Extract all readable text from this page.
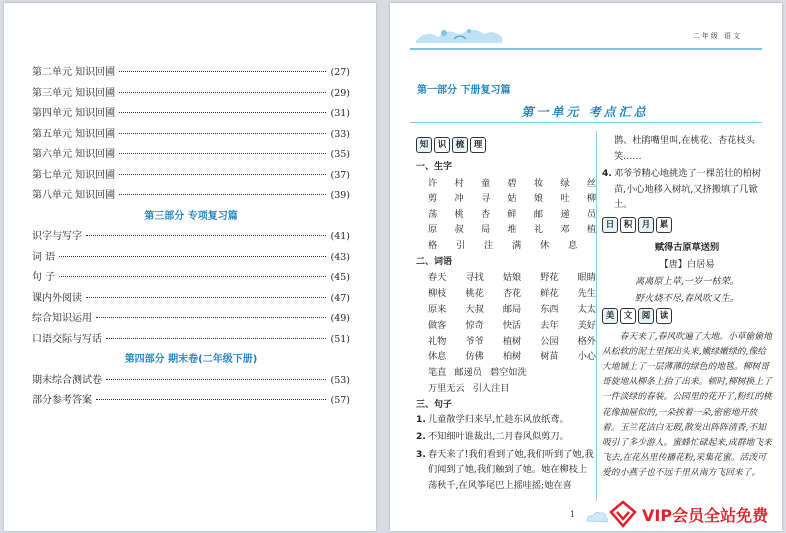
第二单元 知识回圃	(27)
第三单元 知识回圃	(29)
第四单元 知识回圃	(31)
第五单元 知识回圃	(33)
第六单元 知识回圃	(35)
第七单元 知识回圃	(37)
第八单元 知识回圃	(39)
第三部分 专项复习篇
识字与写字	(41)
词 语	(43)
句 子	(45)
课内外阅读	(47)
综合知识运用	(49)
口语交际与写话	(51)
第四部分 期末卷(二年级下册)
期末综合测试卷	(53)
部分参考答案	(57)
二年级 语文
第一部分 下册复习篇
第一单元 考点汇总
知	识	梳	理
一、生字
许 村 童 碧 妆 绿 丝
剪 冲 寻 姑 娘 吐 柳
荡 桃 杏 鲜 邮 递 员
原 叔 局 堆 礼 邓 植
格 引 注 满 休 息
二、词语
春天 寻找 姑娘 野花 眼睛
柳枝 桃花 杏花 鲜花 先生
原来 大叔 邮局 东西 太太
做客 惊奇 快活 去年 美好
礼物 爷爷 植树 公园 格外
休息 仿佛 柏树 树苗 小心
笔直 邮递员 碧空如洗
万里无云 引人注目
三、句子
1. 儿童散学归来早,忙趁东风放纸鸢。
2. 不知细叶谁裁出,二月春风似剪刀。
3. 春天来了!我们看到了她,我们听到了她,我们闻到了她,我们触到了她。她在柳枝上荡秋千,在风筝尾巴上摇哇摇;她在喜
鹊、杜鹃嘴里叫,在桃花、杏花枝头笑……
4. 邓爷爷精心地挑选了一棵茁壮的柏树苗,小心地移入树坑,又挤搬填了几锨土。
日	积	月	累
赋得古原草送别
【唐】白居易
离离原上草,一岁一枯荣。
野火烧不尽,春风吹又生。
美	文	阅	读
春天来了,春风吹遍了大地。小草偷偷地从松软的泥土里探出头来,嫩绿嫩绿的,像给大地铺上了一层薄薄的绿色的地毯。柳树哥哥旋地从柳条上抬了出来。顿时,柳树换上了一件淡绿的春装。公园里的花开了,粉红的桃花像抽屉似的,一朵挨着一朵,密密地开放着。玉兰花洁白无瑕,散发出阵阵清香,不知吸引了多少游人。蜜蜂忙碌起来,成群地飞来飞去,在花丛里传播花粉,采集花蜜。活泼可爱的小燕子也不远千里从南方飞回来了。
1	VIP会员全站免费
